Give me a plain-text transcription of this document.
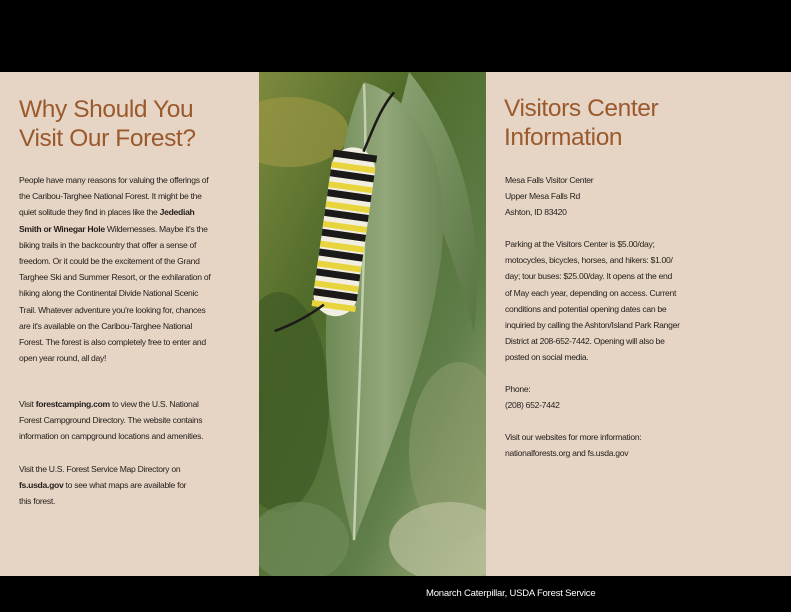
Why Should You
Visit Our Forest?
People have many reasons for valuing the offerings of
the Caribou-Targhee National Forest. It might be the
quiet solitude they find in places like the Jedediah
Smith or Winegar Hole Wildernesses. Maybe it's the
biking trails in the backcountry that offer a sense of
freedom. Or it could be the excitement of the Grand
Targhee Ski and Summer Resort, or the exhilaration of
hiking along the Continental Divide National Scenic
Trail. Whatever adventure you're looking for, chances
are it's available on the Caribou-Targhee National
Forest. The forest is also completely free to enter and
open year round, all day!
Visit forestcamping.com to view the U.S. National
Forest Campground Directory. The website contains
information on campground locations and amenities.
Visit the U.S. Forest Service Map Directory on
fs.usda.gov to see what maps are available for
this forest.
Visitors Center
Information
Mesa Falls Visitor Center
Upper Mesa Falls Rd
Ashton, ID 83420
Parking at the Visitors Center is $5.00/day;
motocycles, bicycles, horses, and hikers: $1.00/
day; tour buses: $25.00/day. It opens at the end
of May each year, depending on access. Current
conditions and potential opening dates can be
inquiried by calling the Ashton/Island Park Ranger
District at 208-652-7442. Opening will also be
posted on social media.
Phone:
(208) 652-7442
Visit our websites for more information:
nationalforests.org and fs.usda.gov
Monarch Caterpillar, USDA Forest Service
